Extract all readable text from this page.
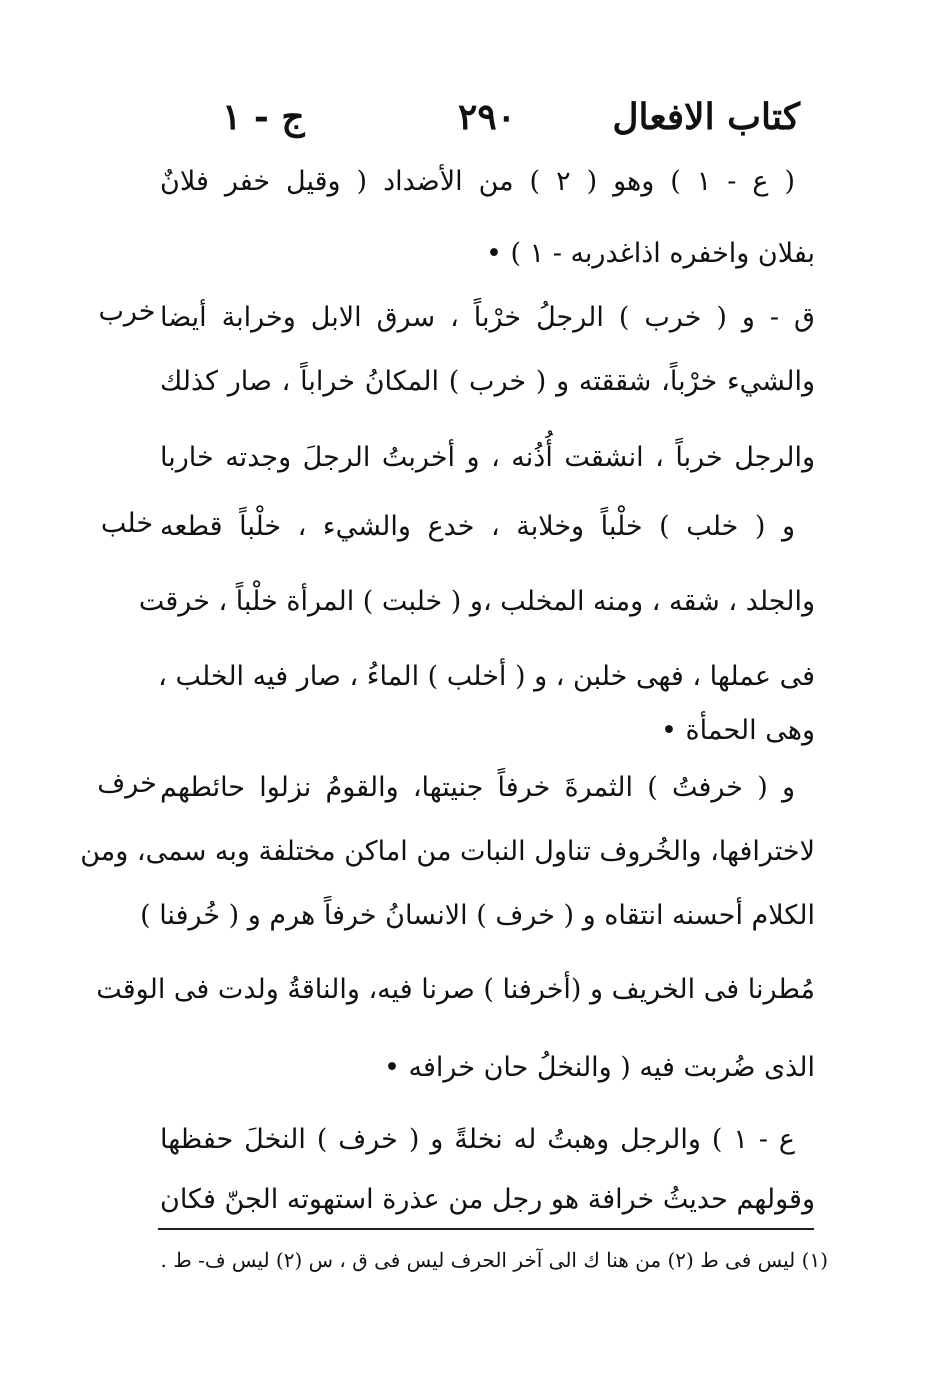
كتاب الافعال
٢٩٠
ج - ١
( ع - ١ ) وهو ( ٢ ) من الأضداد ( وقيل خفر فلانٌ
بفلان واخفره اذاغدربه - ١ ) •
ق - و ( خرب ) الرجلُ خرْباً ، سرق الابل وخرابة أيضا
والشيء خرْباً، شققته و ( خرب ) المكانُ خراباً ، صار كذلك
والرجل خرباً ، انشقت أُذُنه ، و أخربتُ الرجلَ وجدته خاربا
و ( خلب ) خلْباً وخلابة ، خدع والشيء ، خلْباً قطعه
والجلد ، شقه ، ومنه المخلب ،و ( خلبت ) المرأة خلْباً ، خرقت
فى عملها ، فهى خلبن ، و ( أخلب ) الماءُ ، صار فيه الخلب ،
وهى الحمأة •
و ( خرفتُ ) الثمرةَ خرفاً جنيتها، والقومُ نزلوا حائطهم
لاخترافها، والخُروف تناول النبات من اماكن مختلفة وبه سمى، ومن
الكلام أحسنه انتقاه و ( خرف ) الانسانُ خرفاً هرم و ( خُرفنا )
مُطرنا فى الخريف و (أخرفنا ) صرنا فيه، والناقةُ ولدت فى الوقت
الذى ضُربت فيه ( والنخلُ حان خرافه •
ع - ١ ) والرجل وهبتُ له نخلةً و ( خرف ) النخلَ حفظها
وقولهم حديثُ خرافة هو رجل من عذرة استهوته الجنّ فكان
خرب
خلب
خرف
(١) ليس فى ط (٢) من هنا ك الى آخر الحرف ليس فى ق ، س (٢) ليس ف- ط .
